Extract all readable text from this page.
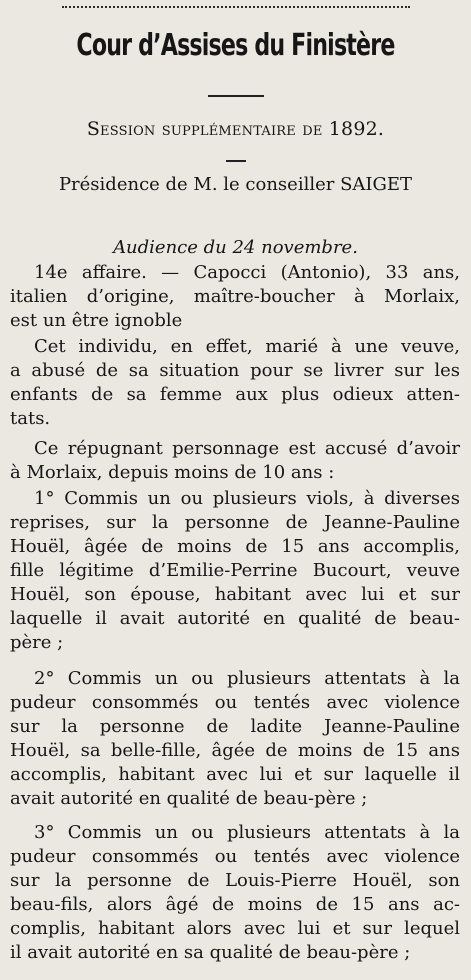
Cour d’Assises du Finistère
Session supplémentaire de 1892.
Présidence de M. le conseiller SAIGET
Audience du 24 novembre.
14e affaire. — Capocci (Antonio), 33 ans,
italien d’origine, maître-boucher à Morlaix,
est un être ignoble
Cet individu, en effet, marié à une veuve,
a abusé de sa situation pour se livrer sur les
enfants de sa femme aux plus odieux atten-
tats.
Ce répugnant personnage est accusé d’avoir
à Morlaix, depuis moins de 10 ans :
1° Commis un ou plusieurs viols, à diverses
reprises, sur la personne de Jeanne-Pauline
Houël, âgée de moins de 15 ans accomplis,
fille légitime d’Emilie-Perrine Bucourt, veuve
Houël, son épouse, habitant avec lui et sur
laquelle il avait autorité en qualité de beau-
père ;
2° Commis un ou plusieurs attentats à la
pudeur consommés ou tentés avec violence
sur la personne de ladite Jeanne-Pauline
Houël, sa belle-fille, âgée de moins de 15 ans
accomplis, habitant avec lui et sur laquelle il
avait autorité en qualité de beau-père ;
3° Commis un ou plusieurs attentats à la
pudeur consommés ou tentés avec violence
sur la personne de Louis-Pierre Houël, son
beau-fils, alors âgé de moins de 15 ans ac-
complis, habitant alors avec lui et sur lequel
il avait autorité en sa qualité de beau-père ;
